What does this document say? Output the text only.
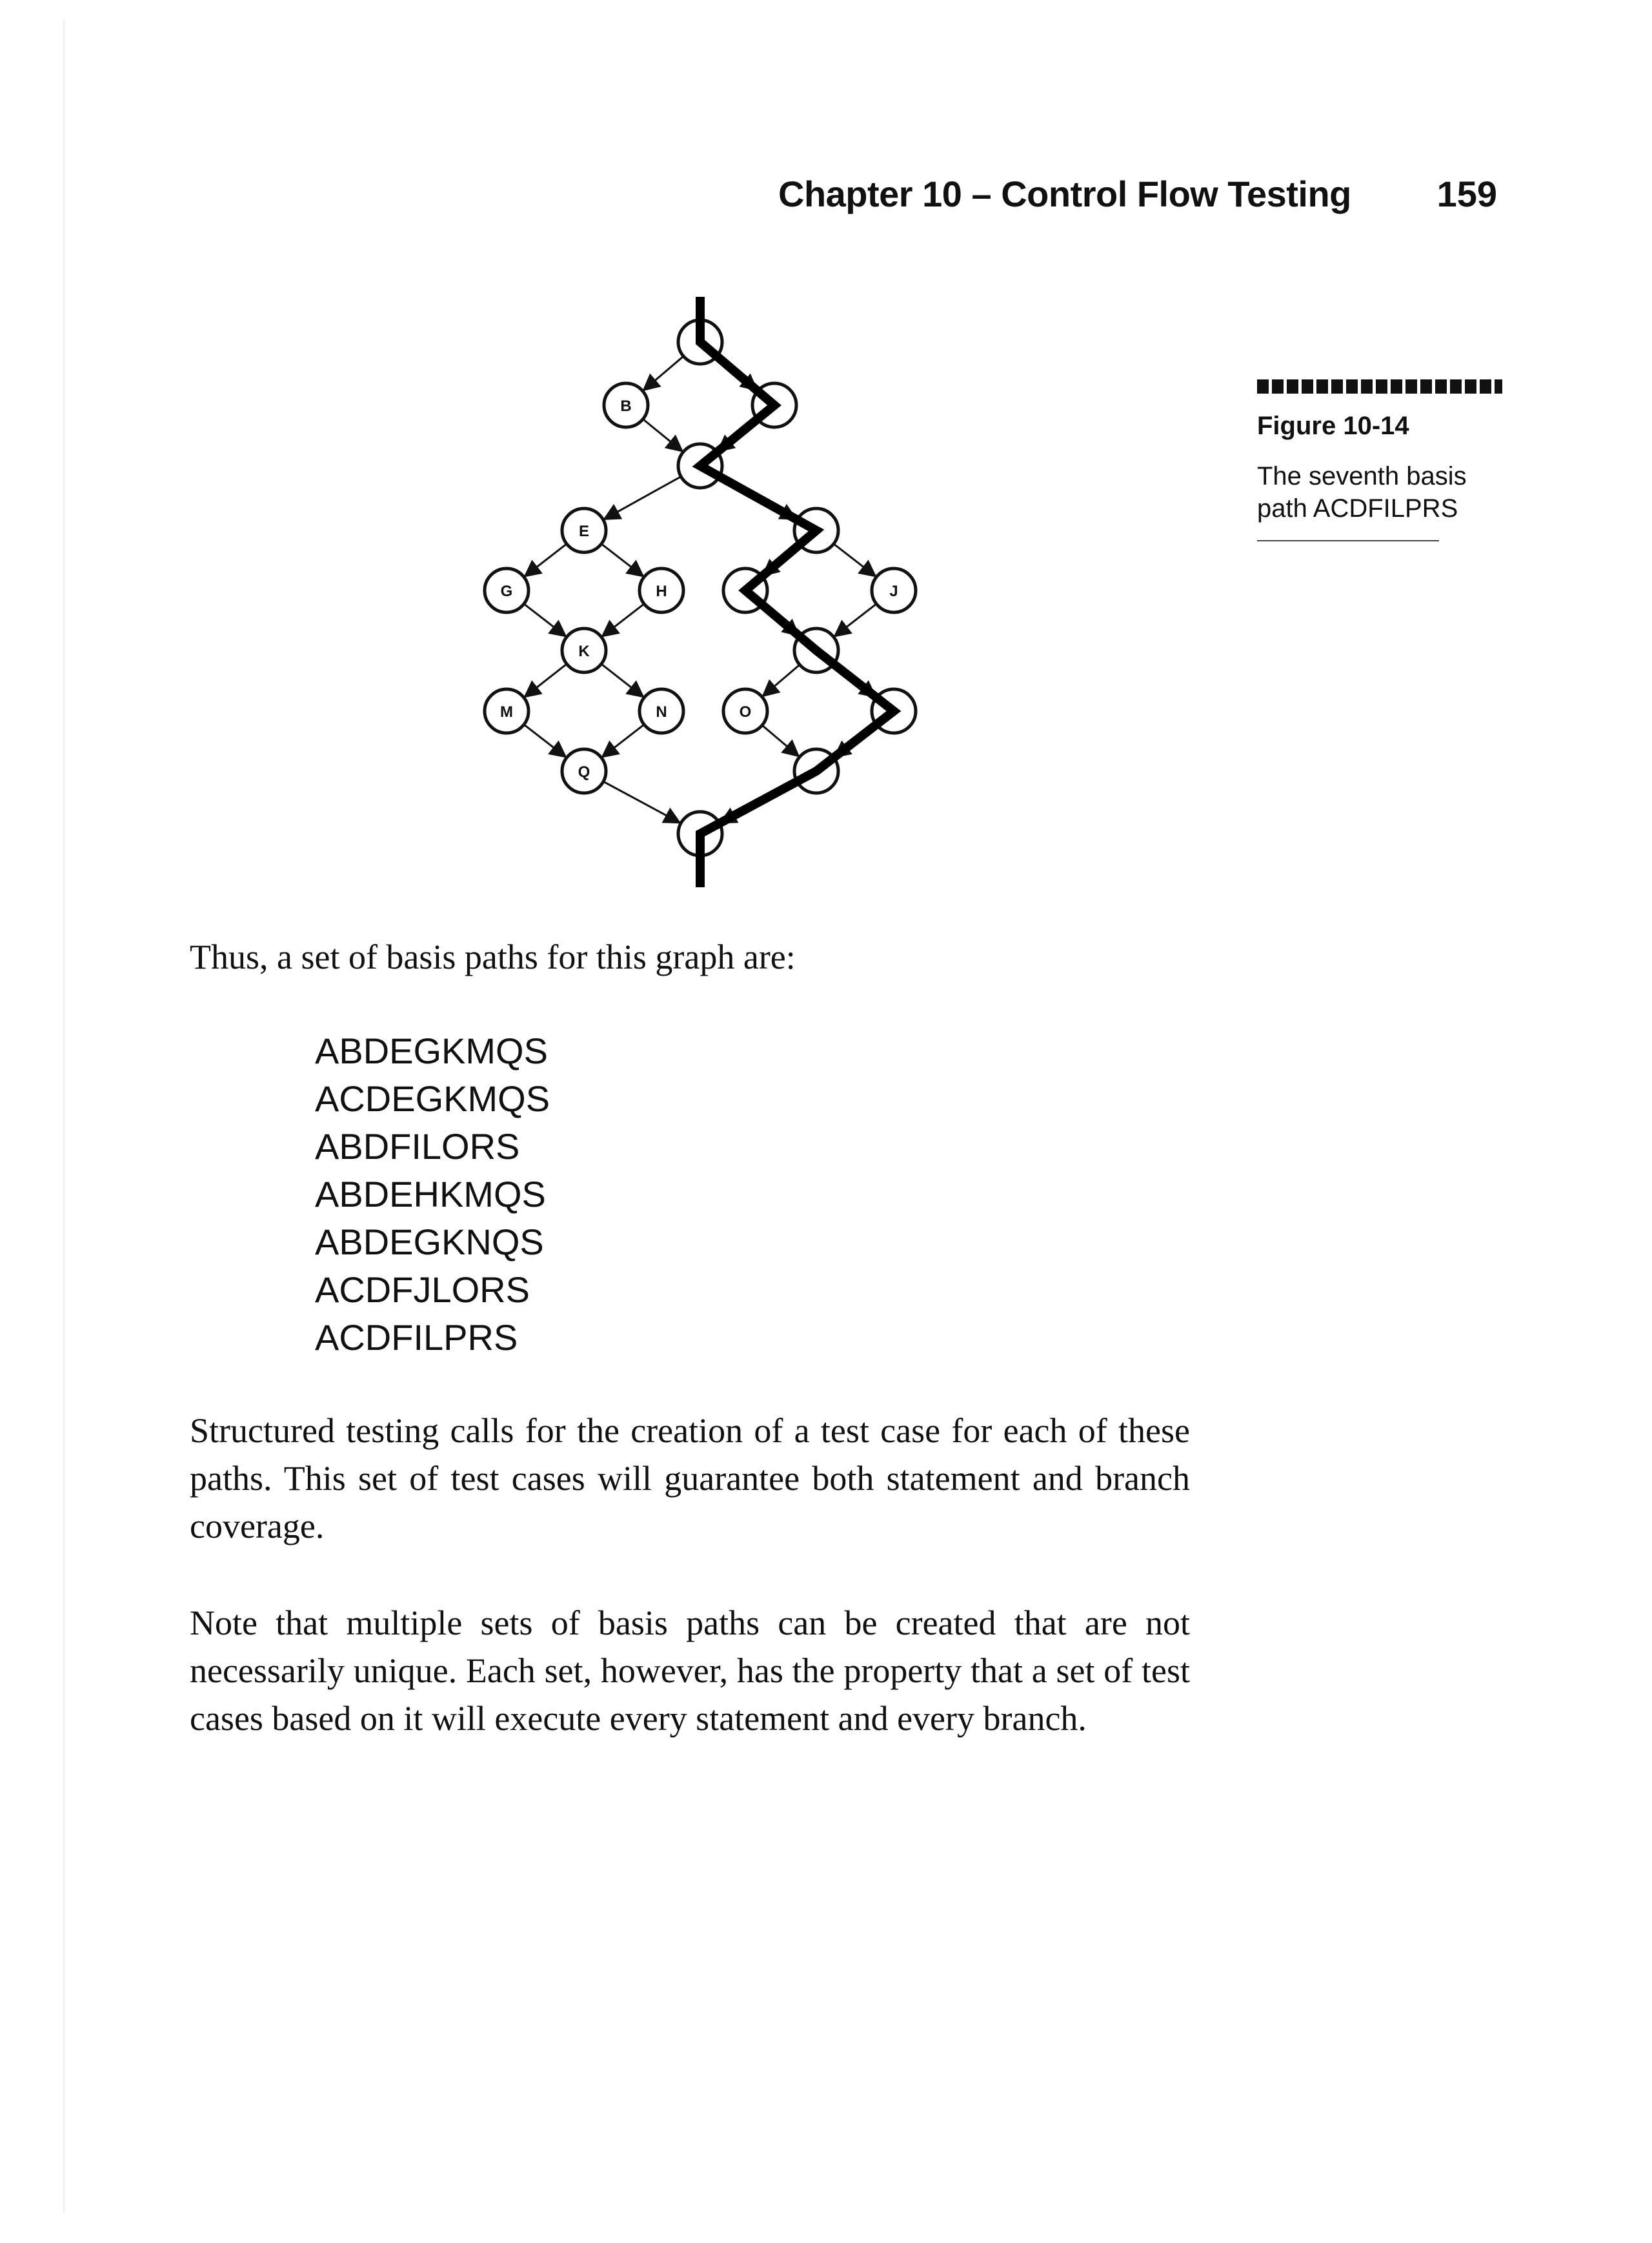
Chapter 10 – Control Flow Testing 159
B
E
G	H	J
K
M	N	O
Q
Figure 10-14
The seventh basis path ACDFILPRS

Thus, a set of basis paths for this graph are:

ABDEGKMQS
ACDEGKMQS
ABDFILORS
ABDEHKMQS
ABDEGKNQS
ACDFJLORS
ACDFILPRS

Structured testing calls for the creation of a test case for each of these paths. This set of test cases will guarantee both statement and branch coverage.

Note that multiple sets of basis paths can be created that are not necessarily unique. Each set, however, has the property that a set of test cases based on it will execute every statement and every branch.
